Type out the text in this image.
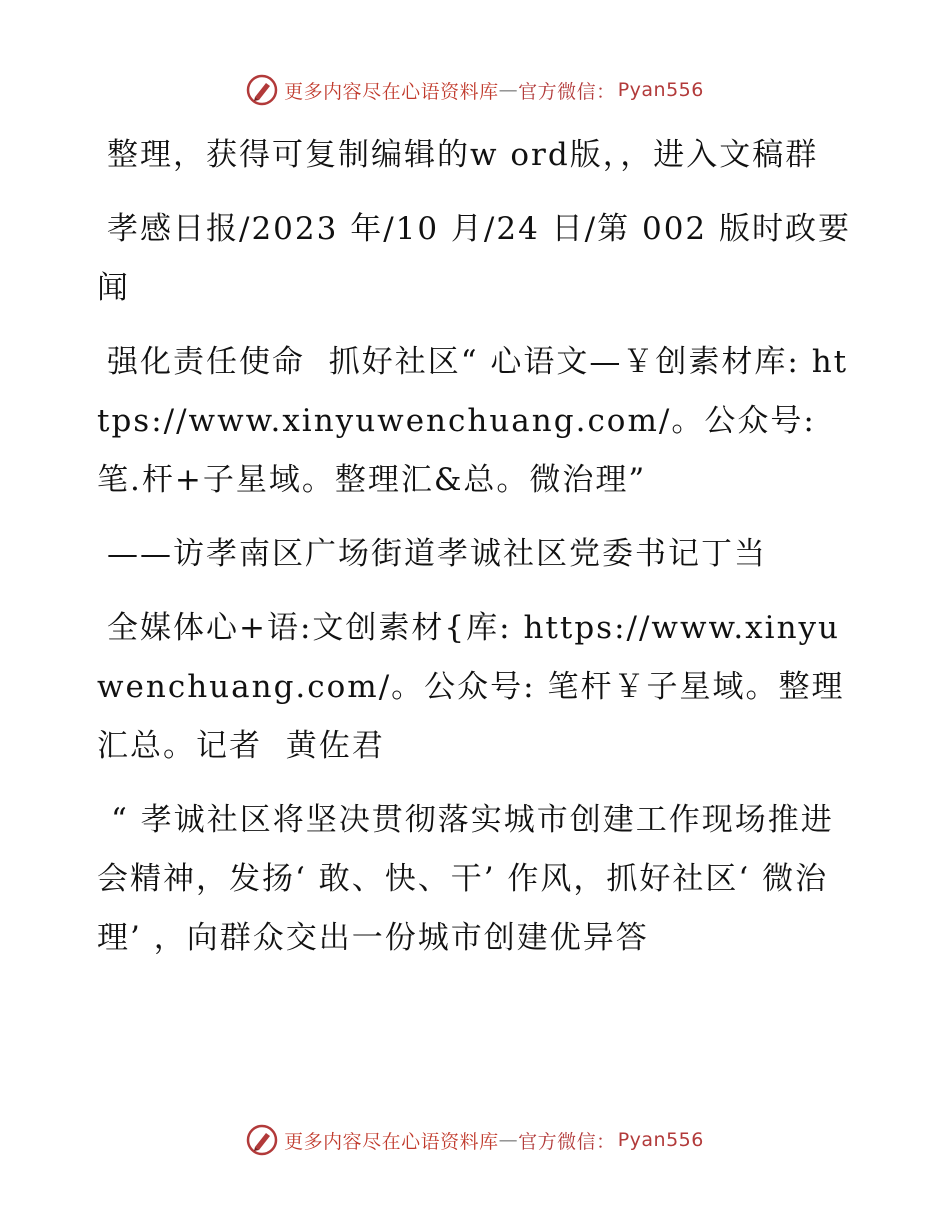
更多内容尽在心语资料库 — 官方微信： Pyan556

整理，获得可复制编辑的w ord版，，进入文稿群

孝感日报/2023 年/10 月/24 日/第 002 版时政要闻

强化责任使命  抓好社区“ 心语文—￥创素材库: https://www.xinyuwenchuang.com/。公众号: 笔.杆+子星域。整理汇&总。微治理”

——访孝南区广场街道孝诚社区党委书记丁当

全媒体心+语:文创素材{库: https://www.xinyuwenchuang.com/。公众号: 笔杆￥子星域。整理汇总。记者  黄佐君

“ 孝诚社区将坚决贯彻落实城市创建工作现场推进会精神，发扬‘ 敢、快、干’ 作风，抓好社区‘ 微治理’ ，向群众交出一份城市创建优异答

更多内容尽在心语资料库 — 官方微信： Pyan556
